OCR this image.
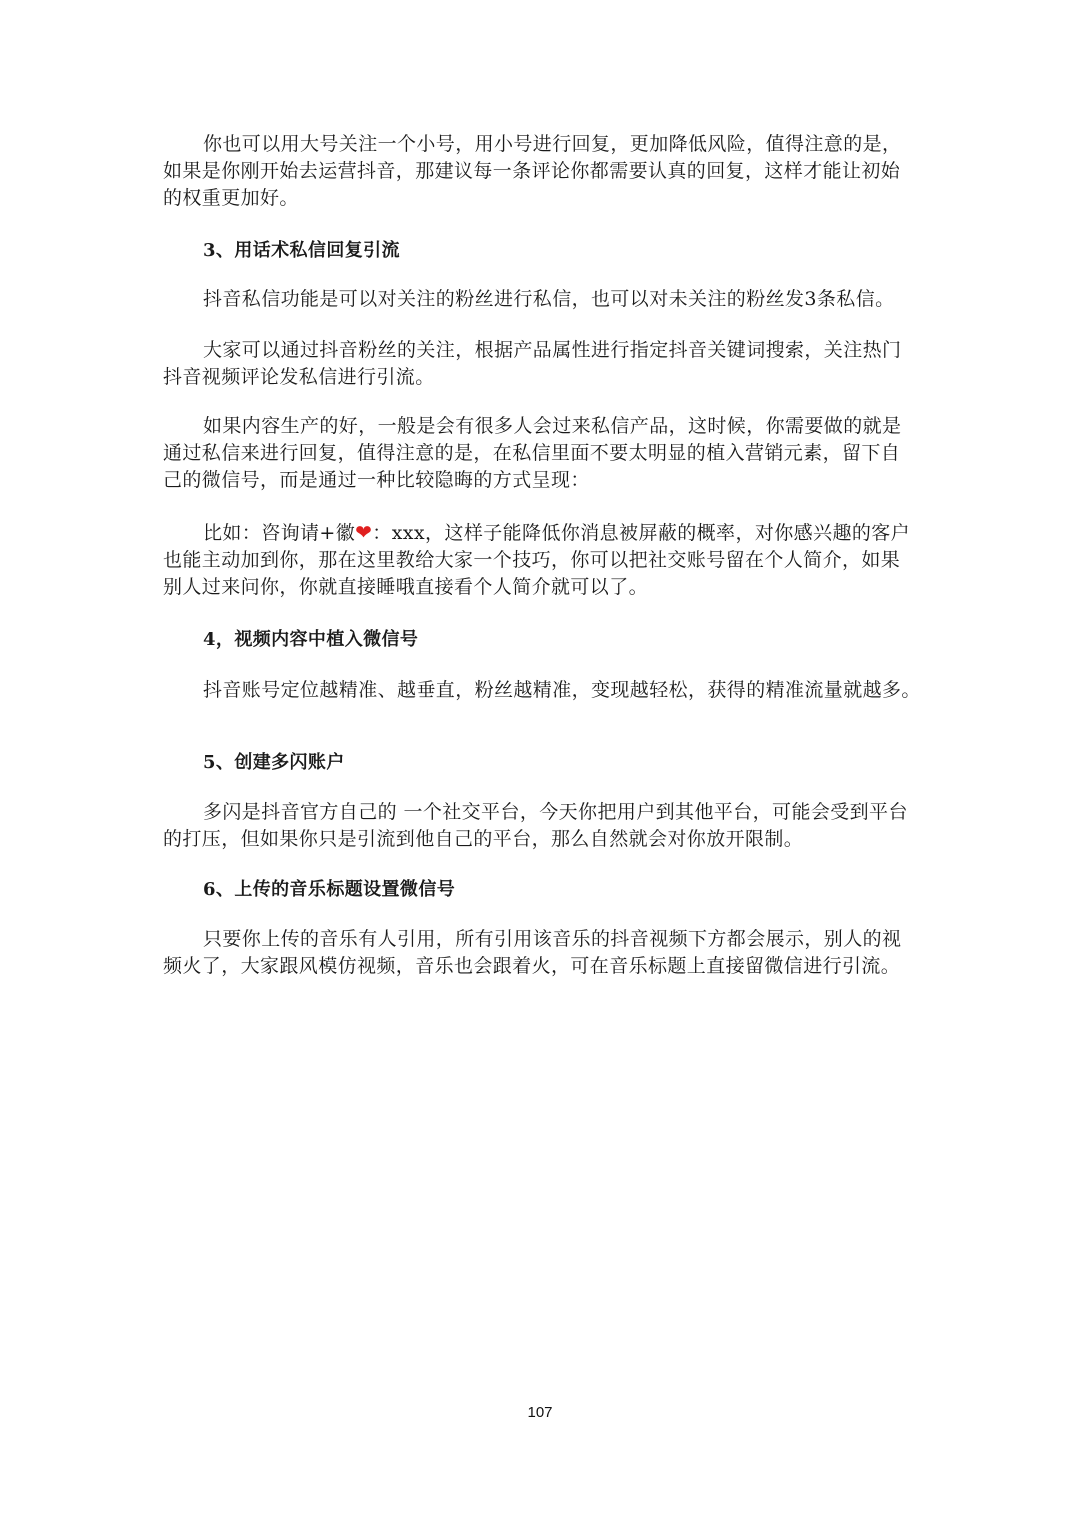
你也可以用大号关注一个小号，用小号进行回复，更加降低风险，值得注意的是，
如果是你刚开始去运营抖音，那建议每一条评论你都需要认真的回复，这样才能让初始
的权重更加好。
3、用话术私信回复引流
抖音私信功能是可以对关注的粉丝进行私信，也可以对未关注的粉丝发3条私信。
大家可以通过抖音粉丝的关注，根据产品属性进行指定抖音关键词搜索，关注热门
抖音视频评论发私信进行引流。
如果内容生产的好，一般是会有很多人会过来私信产品，这时候，你需要做的就是
通过私信来进行回复，值得注意的是，在私信里面不要太明显的植入营销元素，留下自
己的微信号，而是通过一种比较隐晦的方式呈现：
比如：咨询请+徽❤：xxx，这样子能降低你消息被屏蔽的概率，对你感兴趣的客户
也能主动加到你，那在这里教给大家一个技巧，你可以把社交账号留在个人简介，如果
别人过来问你，你就直接睡哦直接看个人简介就可以了。
4，视频内容中植入微信号
抖音账号定位越精准、越垂直，粉丝越精准，变现越轻松，获得的精准流量就越多。
5、创建多闪账户
多闪是抖音官方自己的 一个社交平台，今天你把用户到其他平台，可能会受到平台
的打压，但如果你只是引流到他自己的平台，那么自然就会对你放开限制。
6、上传的音乐标题设置微信号
只要你上传的音乐有人引用，所有引用该音乐的抖音视频下方都会展示，别人的视
频火了，大家跟风模仿视频，音乐也会跟着火，可在音乐标题上直接留微信进行引流。
107
